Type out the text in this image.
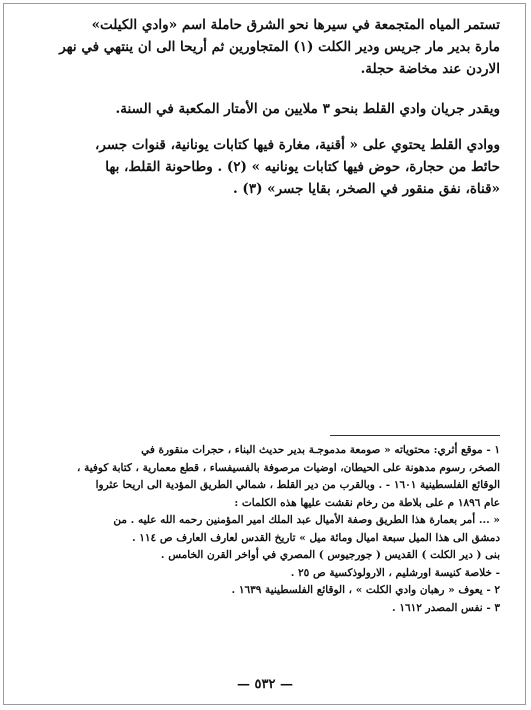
تستمر المياه المتجمعة في سيرها نحو الشرق حاملة اسم «وادي الكيلت»

مارة بدير مار جريس ودير الكلت (١) المتجاورين ثم أريحا الى ان ينتهي في نهر

الاردن عند مخاضة حجلة.

ويقدر جريان وادي القلط بنحو ٣ ملايين من الأمتار المكعبة في السنة.

ووادي القلط يحتوي على « أقنية، مغارة فيها كتابات يونانية، قنوات جسر،

حائط من حجارة، حوض فيها كتابات يونانيه » (٢) . وطاحونة القلط، بها

«قناة، نفق منقور في الصخر، بقايا جسر» (٣) .

١ - موقع أثري: محتوياته « صومعة مدموجـة بدير حديث البناء ، حجرات منقورة في

الصخر، رسوم مدهونة على الحيطان، اوضيات مرصوفة بالفسيفساء ، قطع معمارية ، كتابة كوفية ،

الوقائع الفلسطينية ١٦٠١ - . وبالقرب من دير القلط ، شمالي الطريق المؤدية الى اريحا عثروا

عام ١٨٩٦ م على بلاطة من رخام نقشت عليها هذه الكلمات :

« ... أمر بعمارة هذا الطريق وصفة الأميال عبد الملك امير المؤمنين رحمه الله عليه . من

دمشق الى هذا الميل سبعة اميال ومائة ميل » تاريخ القدس لعارف العارف ص ١١٤ .

بنى ( دير الكلت ) القديس ( جورجيوس ) المصري في أواخر القرن الخامس .

- خلاصة كنيسة اورشليم ، الارولوذكسية ص ٢٥ .

٢ - يعوف « رهبان وادي الكلت » ، الوقائع الفلسطينية ١٦٣٩ .

٣ - نفس المصدر ١٦١٢ .

— ٥٣٢ —
